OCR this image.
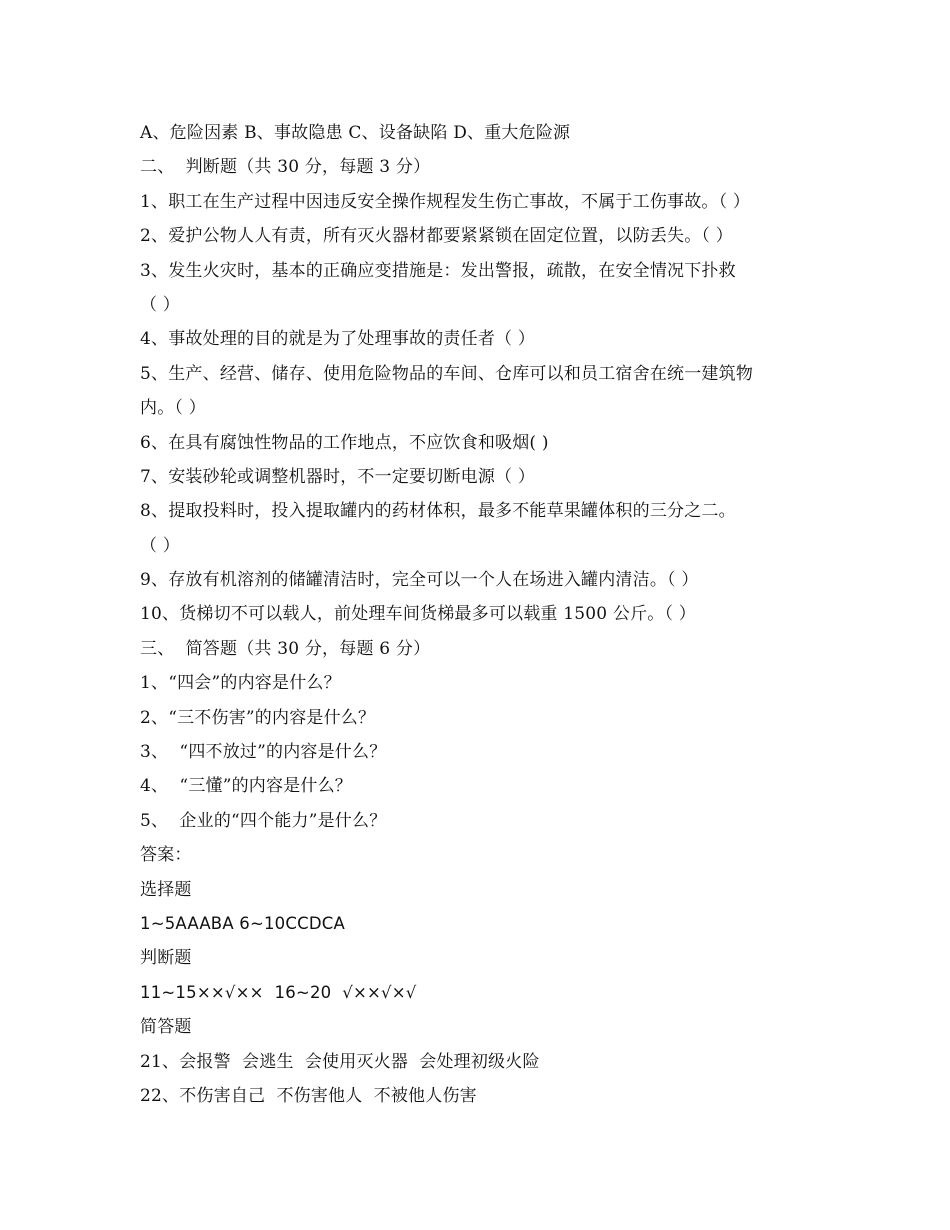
A、危险因素 B、事故隐患 C、设备缺陷 D、重大危险源
二、  判断题（共 30 分，每题 3 分）
1、职工在生产过程中因违反安全操作规程发生伤亡事故，不属于工伤事故。（ ）
2、爱护公物人人有责，所有灭火器材都要紧紧锁在固定位置，以防丢失。（ ）
3、发生火灾时，基本的正确应变措施是：发出警报，疏散，在安全情况下扑救
（ ）
4、事故处理的目的就是为了处理事故的责任者（ ）
5、生产、经营、储存、使用危险物品的车间、仓库可以和员工宿舍在统一建筑物
内。（ ）
6、在具有腐蚀性物品的工作地点，不应饮食和吸烟( )
7、安装砂轮或调整机器时，不一定要切断电源（ ）
8、提取投料时，投入提取罐内的药材体积，最多不能草果罐体积的三分之二。
（ ）
9、存放有机溶剂的储罐清洁时，完全可以一个人在场进入罐内清洁。（ ）
10、货梯切不可以载人，前处理车间货梯最多可以载重 1500 公斤。（ ）
三、  简答题（共 30 分，每题 6 分）
1、“四会”的内容是什么？
2、“三不伤害”的内容是什么？
3、  “四不放过”的内容是什么？
4、  “三懂”的内容是什么？
5、  企业的“四个能力”是什么？
答案：
选择题
1~5AAABA 6~10CCDCA
判断题
11~15××√××  16~20  √××√×√
简答题
21、会报警  会逃生  会使用灭火器  会处理初级火险
22、不伤害自己  不伤害他人  不被他人伤害
